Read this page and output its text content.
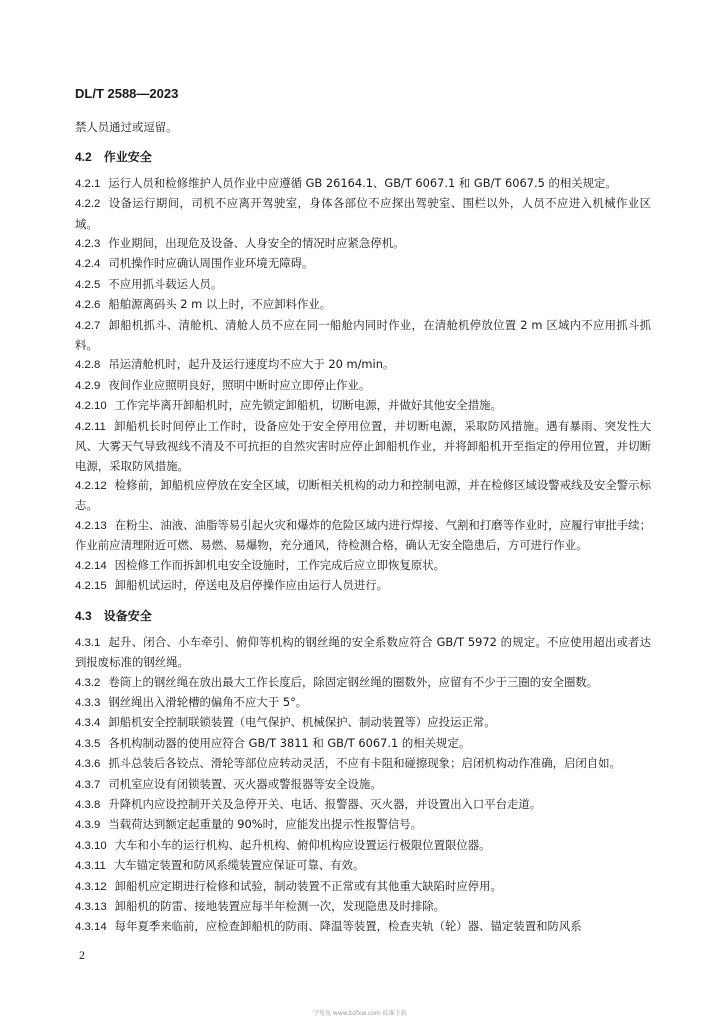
DL/T 2588—2023

禁人员通过或逗留。

4.2 作业安全

4.2.1 运行人员和检修维护人员作业中应遵循 GB 26164.1、GB/T 6067.1 和 GB/T 6067.5 的相关规定。

4.2.2 设备运行期间，司机不应离开驾驶室，身体各部位不应探出驾驶室、围栏以外，人员不应进入机械作业区域。

4.2.3 作业期间，出现危及设备、人身安全的情况时应紧急停机。

4.2.4 司机操作时应确认周围作业环境无障碍。

4.2.5 不应用抓斗载运人员。

4.2.6 船舶源离码头 2 m 以上时，不应卸料作业。

4.2.7 卸船机抓斗、清舱机、清舱人员不应在同一船舱内同时作业，在清舱机停放位置 2 m 区域内不应用抓斗抓料。

4.2.8 吊运清舱机时，起升及运行速度均不应大于 20 m/min。

4.2.9 夜间作业应照明良好，照明中断时应立即停止作业。

4.2.10 工作完毕离开卸船机时，应先锁定卸船机，切断电源，并做好其他安全措施。

4.2.11 卸船机长时间停止工作时，设备应处于安全停用位置，并切断电源，采取防风措施。遇有暴雨、突发性大风、大雾天气导致视线不清及不可抗拒的自然灾害时应停止卸船机作业，并将卸船机开至指定的停用位置，并切断电源，采取防风措施。

4.2.12 检修前，卸船机应停放在安全区域，切断相关机构的动力和控制电源，并在检修区域设警戒线及安全警示标志。

4.2.13 在粉尘、油液、油脂等易引起火灾和爆炸的危险区域内进行焊接、气割和打磨等作业时，应履行审批手续；作业前应清理附近可燃、易燃、易爆物，充分通风，待检测合格，确认无安全隐患后，方可进行作业。

4.2.14 因检修工作而拆卸机电安全设施时，工作完成后应立即恢复原状。

4.2.15 卸船机试运时，停送电及启停操作应由运行人员进行。

4.3 设备安全

4.3.1 起升、闭合、小车牵引、俯仰等机构的钢丝绳的安全系数应符合 GB/T 5972 的规定。不应使用超出或者达到报废标准的钢丝绳。

4.3.2 卷筒上的钢丝绳在放出最大工作长度后，除固定钢丝绳的圈数外，应留有不少于三圈的安全圈数。

4.3.3 钢丝绳出入滑轮槽的偏角不应大于 5°。

4.3.4 卸船机安全控制联锁装置（电气保护、机械保护、制动装置等）应投运正常。

4.3.5 各机构制动器的使用应符合 GB/T 3811 和 GB/T 6067.1 的相关规定。

4.3.6 抓斗总装后各铰点、滑轮等部位应转动灵活，不应有卡阻和碰擦现象；启闭机构动作准确，启闭自如。

4.3.7 司机室应设有闭锁装置、灭火器或警报器等安全设施。

4.3.8 升降机内应设控制开关及急停开关、电话、报警器、灭火器，并设置出入口平台走道。

4.3.9 当载荷达到额定起重量的 90%时，应能发出提示性报警信号。

4.3.10 大车和小车的运行机构、起升机构、俯仰机构应设置运行极限位置限位器。

4.3.11 大车锚定装置和防风系缆装置应保证可靠、有效。

4.3.12 卸船机应定期进行检修和试验，制动装置不正常或有其他重大缺陷时应停用。

4.3.13 卸船机的防雷、接地装置应每半年检测一次，发现隐患及时排除。

4.3.14 每年夏季来临前，应检查卸船机的防雨、降温等装置，检查夹轨（轮）器、锚定装置和防风系

2
学兔兔 www.bzfxw.com 标准下载
